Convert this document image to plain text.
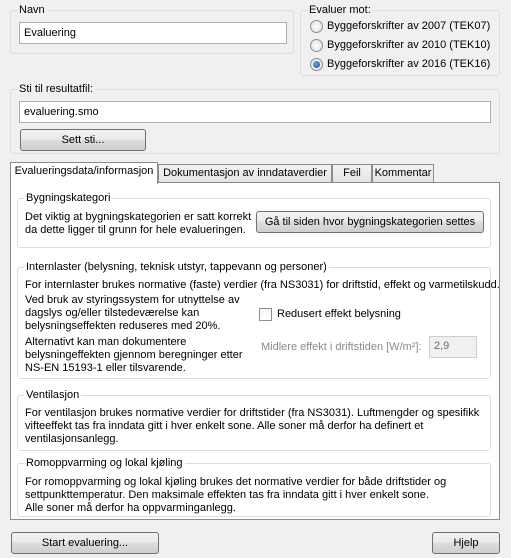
Navn
Evaluering
Evaluer mot:
Byggeforskrifter av 2007 (TEK07)
Byggeforskrifter av 2010 (TEK10)
Byggeforskrifter av 2016 (TEK16)
Sti til resultatfil:
evaluering.smo
Sett sti...
Evalueringsdata/informasjon Dokumentasjon av inndataverdier	Feil	Kommentar
Bygningskategori
Det viktig at bygningskategorien er satt korrekt
da dette ligger til grunn for hele evalueringen.
Gå til siden hvor bygningskategorien settes
Internlaster (belysning, teknisk utstyr, tappevann og personer)
For internlaster brukes normative (faste) verdier (fra NS3031) for driftstid, effekt og varmetilskudd.
Ved bruk av styringssystem for utnyttelse av
dagslys og/eller tilstedeværelse kan
belysningseffekten reduseres med 20%.
Redusert effekt belysning
Alternativt kan man dokumentere
belysningeffekten gjennom beregninger etter
NS-EN 15193-1 eller tilsvarende.
Midlere effekt i driftstiden [W/m²]:	2,9
Ventilasjon
For ventilasjon brukes normative verdier for driftstider (fra NS3031). Luftmengder og spesifikk
vifteeffekt tas fra inndata gitt i hver enkelt sone. Alle soner må derfor ha definert et
ventilasjonsanlegg.
Romoppvarming og lokal kjøling
For romoppvarming og lokal kjøling brukes det normative verdier for både driftstider og
settpunkttemperatur. Den maksimale effekten tas fra inndata gitt i hver enkelt sone.
Alle soner må derfor ha oppvarminganlegg.
Start evaluering...	Hjelp
